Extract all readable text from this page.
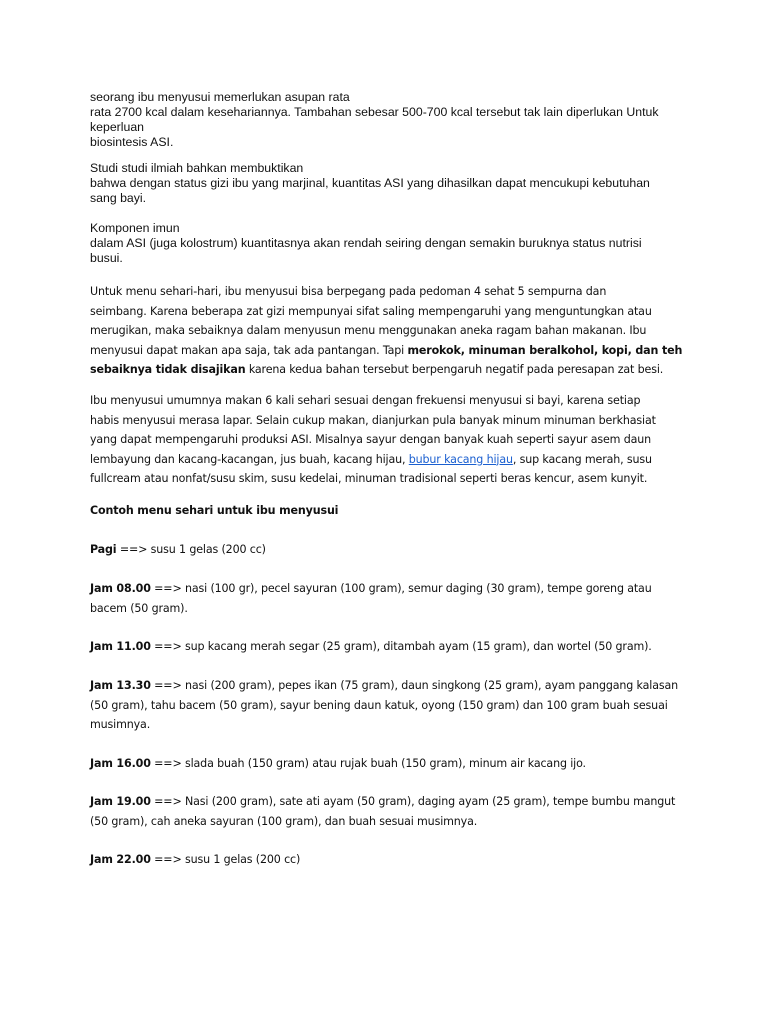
seorang ibu menyusui memerlukan asupan rata
rata 2700 kcal dalam kesehariannya. Tambahan sebesar 500-700 kcal tersebut tak lain diperlukan Untuk
keperluan
biosintesis ASI.
Studi studi ilmiah bahkan membuktikan
bahwa dengan status gizi ibu yang marjinal, kuantitas ASI yang dihasilkan dapat mencukupi kebutuhan
sang bayi.
Komponen imun
dalam ASI (juga kolostrum) kuantitasnya akan rendah seiring dengan semakin buruknya status nutrisi
busui.
Untuk menu sehari-hari, ibu menyusui bisa berpegang pada pedoman 4 sehat 5 sempurna dan
seimbang. Karena beberapa zat gizi mempunyai sifat saling mempengaruhi yang menguntungkan atau
merugikan, maka sebaiknya dalam menyusun menu menggunakan aneka ragam bahan makanan. Ibu
menyusui dapat makan apa saja, tak ada pantangan. Tapi merokok, minuman beralkohol, kopi, dan teh
sebaiknya tidak disajikan karena kedua bahan tersebut berpengaruh negatif pada peresapan zat besi.
Ibu menyusui umumnya makan 6 kali sehari sesuai dengan frekuensi menyusui si bayi, karena setiap
habis menyusui merasa lapar. Selain cukup makan, dianjurkan pula banyak minum minuman berkhasiat
yang dapat mempengaruhi produksi ASI. Misalnya sayur dengan banyak kuah seperti sayur asem daun
lembayung dan kacang-kacangan, jus buah, kacang hijau, bubur kacang hijau, sup kacang merah, susu
fullcream atau nonfat/susu skim, susu kedelai, minuman tradisional seperti beras kencur, asem kunyit.
Contoh menu sehari untuk ibu menyusui
Pagi ==> susu 1 gelas (200 cc)
Jam 08.00 ==> nasi (100 gr), pecel sayuran (100 gram), semur daging (30 gram), tempe goreng atau
bacem (50 gram).
Jam 11.00 ==> sup kacang merah segar (25 gram), ditambah ayam (15 gram), dan wortel (50 gram).
Jam 13.30 ==> nasi (200 gram), pepes ikan (75 gram), daun singkong (25 gram), ayam panggang kalasan
(50 gram), tahu bacem (50 gram), sayur bening daun katuk, oyong (150 gram) dan 100 gram buah sesuai
musimnya.
Jam 16.00 ==> slada buah (150 gram) atau rujak buah (150 gram), minum air kacang ijo.
Jam 19.00 ==> Nasi (200 gram), sate ati ayam (50 gram), daging ayam (25 gram), tempe bumbu mangut
(50 gram), cah aneka sayuran (100 gram), dan buah sesuai musimnya.
Jam 22.00 ==> susu 1 gelas (200 cc)
